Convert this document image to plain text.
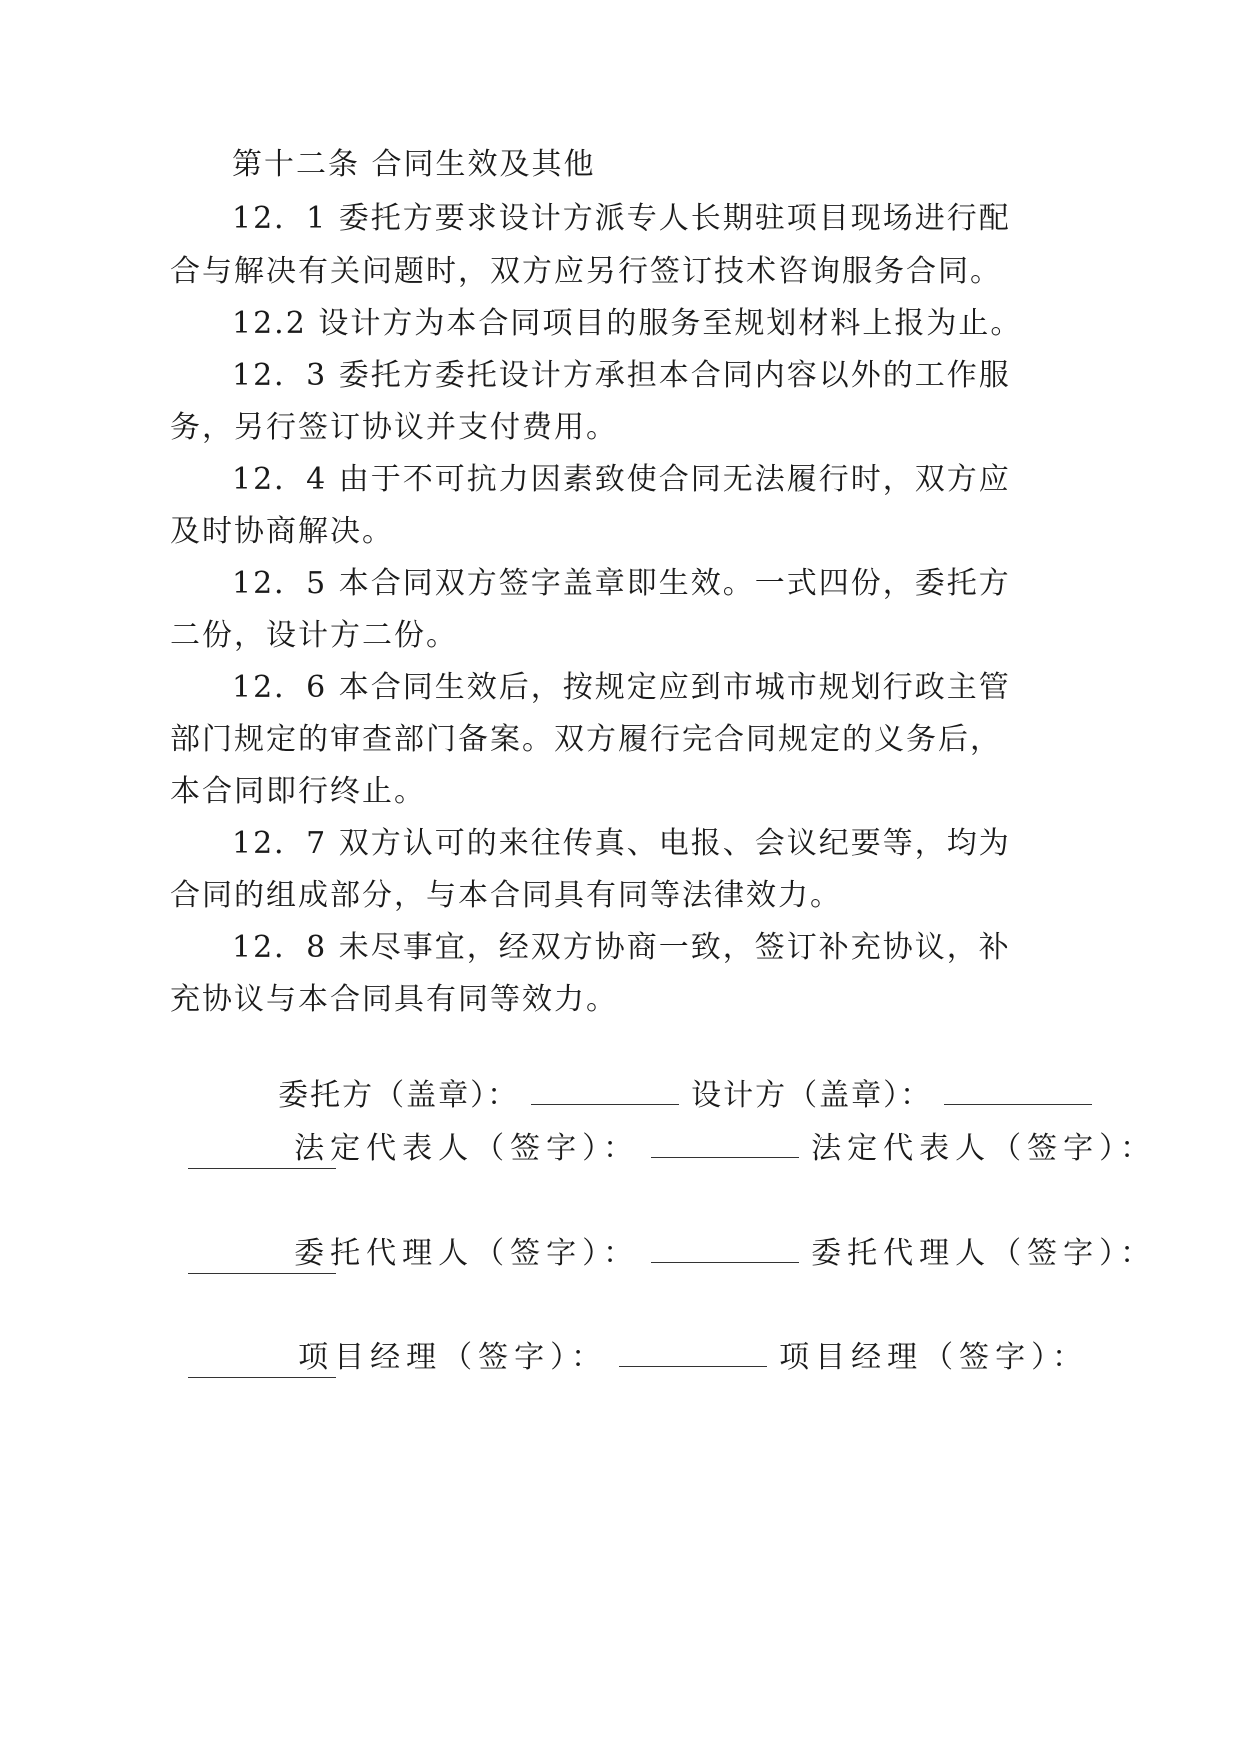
第十二条 合同生效及其他
12．1 委托方要求设计方派专人长期驻项目现场进行配
合与解决有关问题时，双方应另行签订技术咨询服务合同。
12.2 设计方为本合同项目的服务至规划材料上报为止。
12．3 委托方委托设计方承担本合同内容以外的工作服
务，另行签订协议并支付费用。
12．4 由于不可抗力因素致使合同无法履行时，双方应
及时协商解决。
12．5 本合同双方签字盖章即生效。一式四份，委托方
二份，设计方二份。
12．6 本合同生效后，按规定应到市城市规划行政主管
部门规定的审查部门备案。双方履行完合同规定的义务后，
本合同即行终止。
12．7 双方认可的来往传真、电报、会议纪要等，均为
合同的组成部分，与本合同具有同等法律效力。
12．8 未尽事宜，经双方协商一致，签订补充协议，补
充协议与本合同具有同等效力。

委托方（盖章）：	设计方（盖章）：

法定代表人（签字）：	法定代表人（签字）：

委托代理人（签字）：	委托代理人（签字）：

项目经理（签字）：	项目经理（签字）：
